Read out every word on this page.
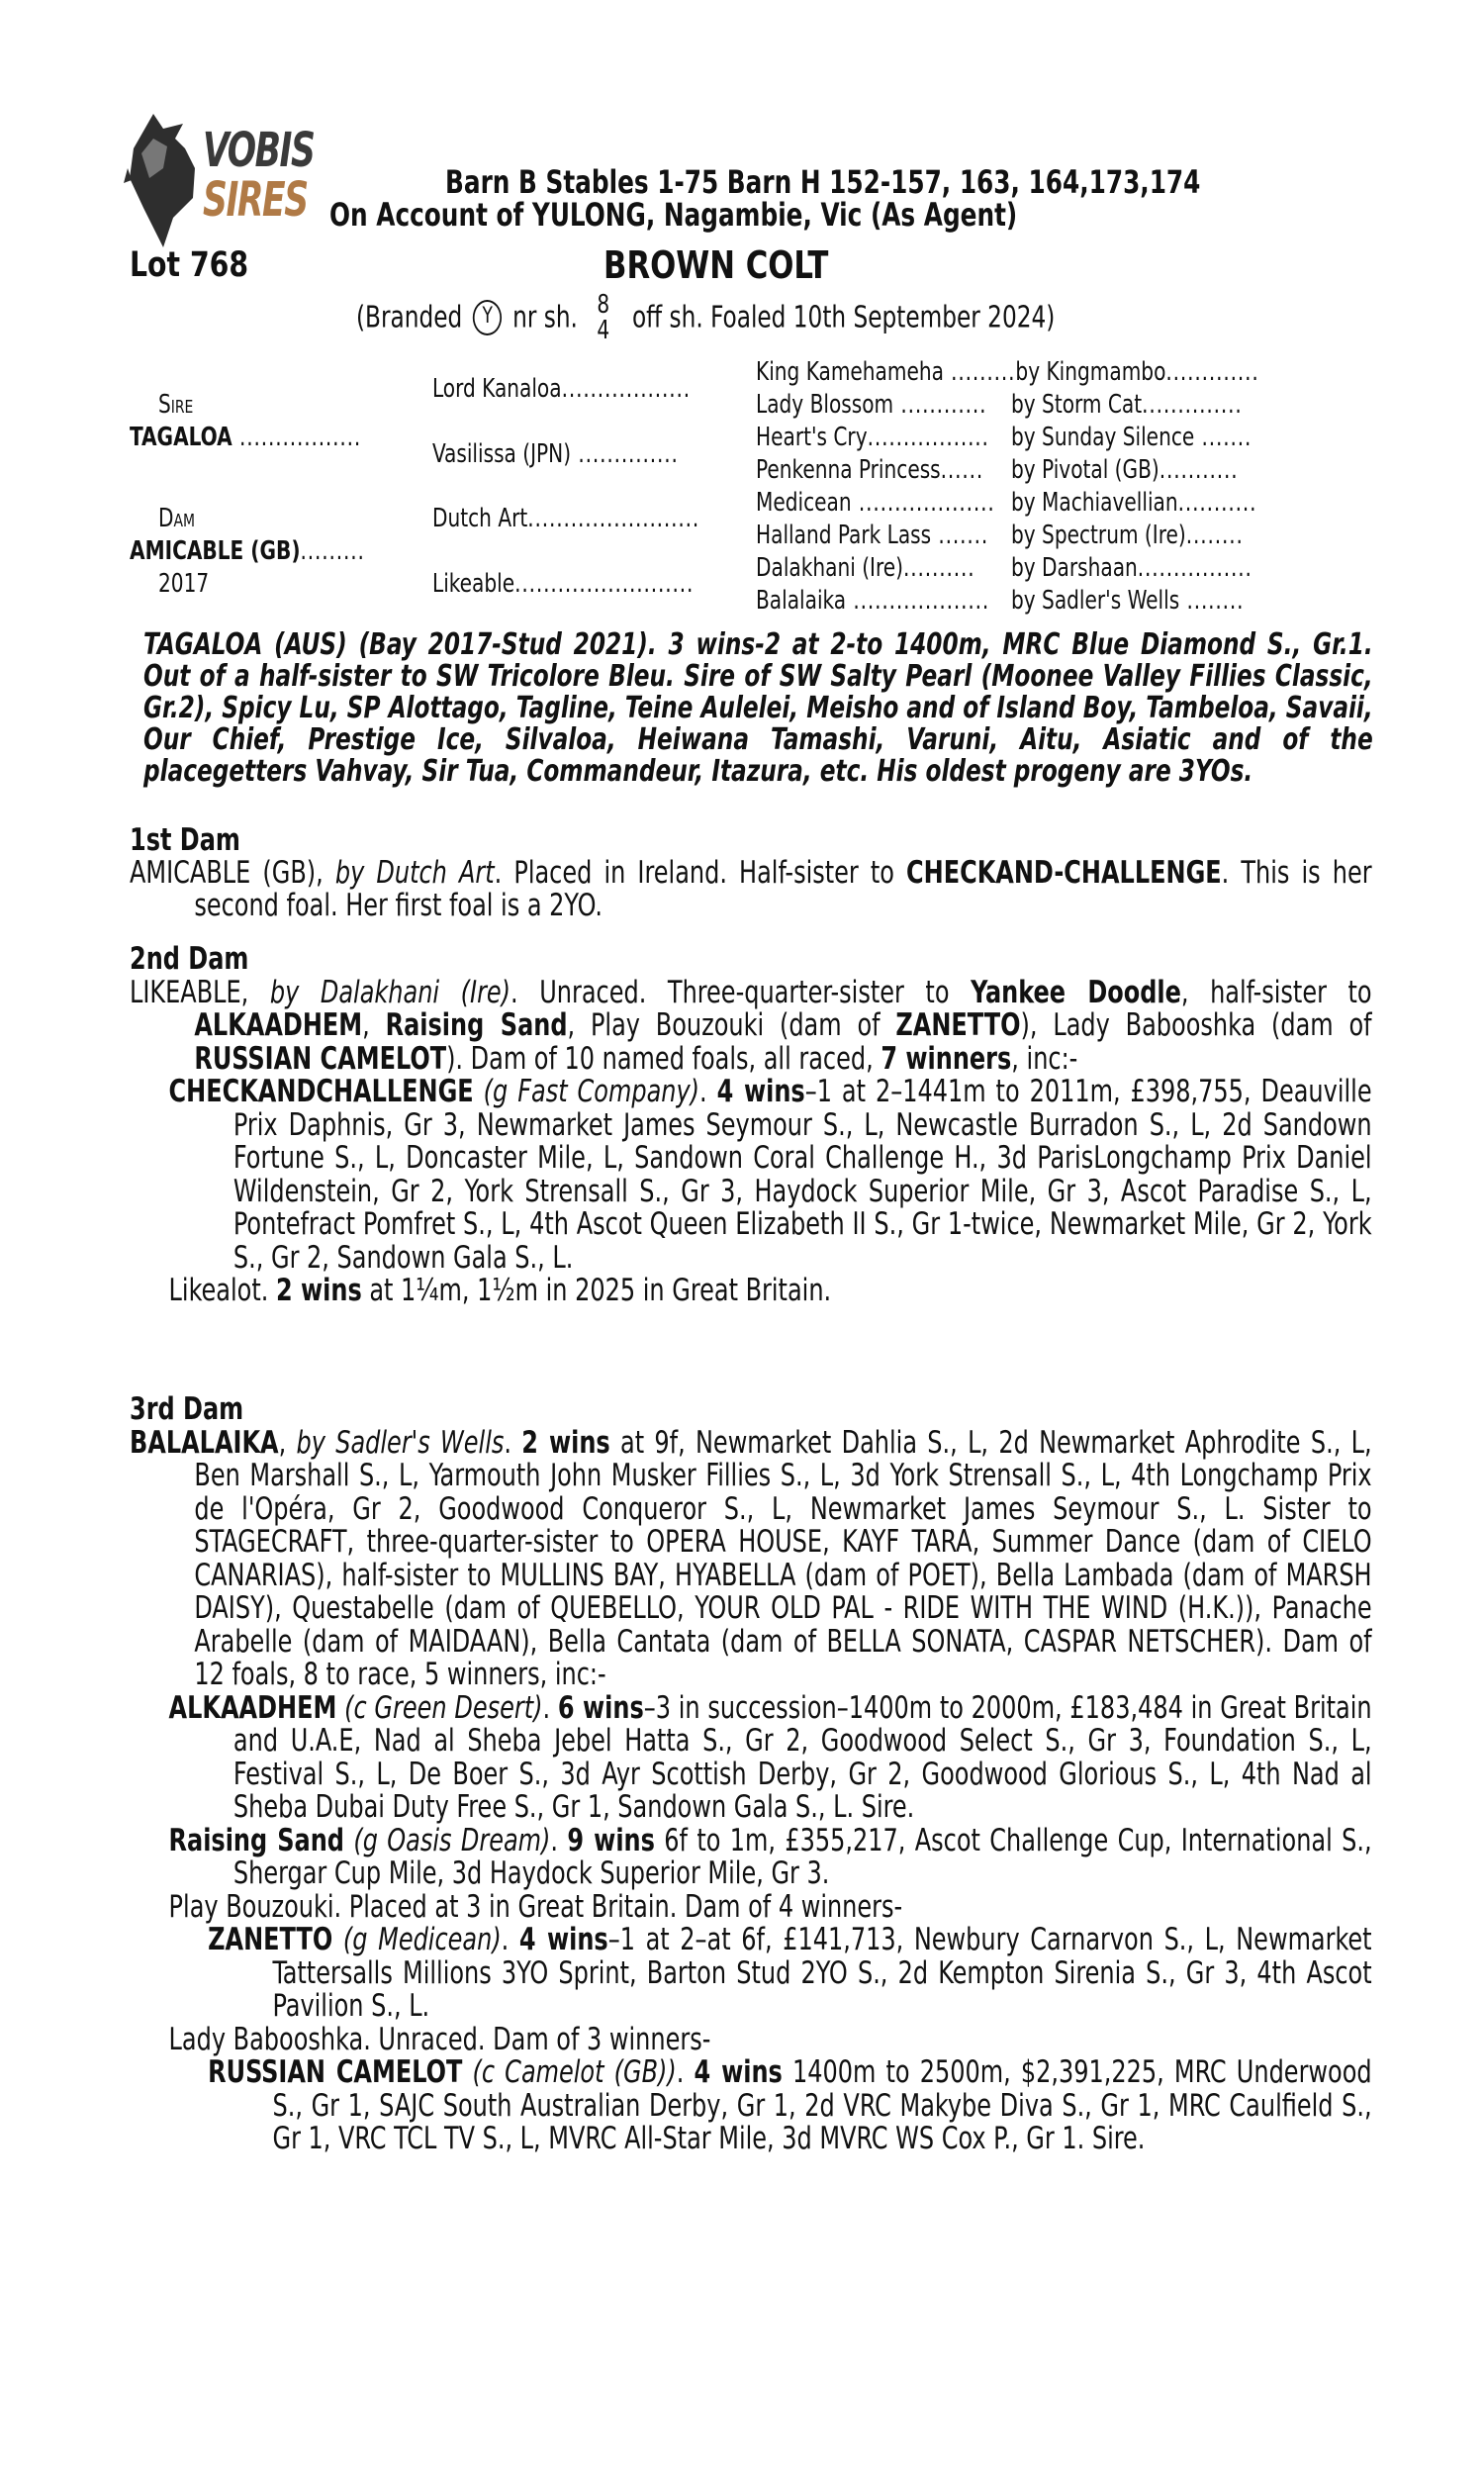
VOBIS
SIRES	Barn B Stables 1-75 Barn H 152-157, 163, 164,173,174
On Account of YULONG, Nagambie, Vic (As Agent)
Lot 768	BROWN COLT
(Branded Y nr sh. 8
4 off sh. Foaled 10th September 2024)
Sire
TAGALOA .................
Dam
AMICABLE (GB).........
2017
Lord Kanaloa..................
Vasilissa (JPN) ..............
Dutch Art........................
Likeable.........................
King Kamehameha .........by Kingmambo.............
Lady Blossom ............ by Storm Cat..............
Heart's Cry................. by Sunday Silence .......
Penkenna Princess...... by Pivotal (GB)...........
Medicean ................... by Machiavellian...........
Halland Park Lass ....... by Spectrum (Ire)........
Dalakhani (Ire).......... by Darshaan................
Balalaika ................... by Sadler's Wells ........

TAGALOA (AUS) (Bay 2017-Stud 2021). 3 wins-2 at 2-to 1400m, MRC Blue Diamond S., Gr.1. Out of a half-sister to SW Tricolore Bleu. Sire of SW Salty Pearl (Moonee Valley Fillies Classic, Gr.2), Spicy Lu, SP Alottago, Tagline, Teine Aulelei, Meisho and of Island Boy, Tambeloa, Savaii, Our Chief, Prestige Ice, Silvaloa, Heiwana Tamashi, Varuni, Aitu, Asiatic and of the placegetters Vahvay, Sir Tua, Commandeur, Itazura, etc. His oldest progeny are 3YOs.

1st Dam

AMICABLE (GB), by Dutch Art. Placed in Ireland. Half-sister to CHECKAND-CHALLENGE. This is her second foal. Her first foal is a 2YO.

2nd Dam

LIKEABLE, by Dalakhani (Ire). Unraced. Three-quarter-sister to Yankee Doodle, half-sister to ALKAADHEM, Raising Sand, Play Bouzouki (dam of ZANETTO), Lady Babooshka (dam of RUSSIAN CAMELOT). Dam of 10 named foals, all raced, 7 winners, inc:-

CHECKANDCHALLENGE (g Fast Company). 4 wins–1 at 2–1441m to 2011m, £398,755, Deauville Prix Daphnis, Gr 3, Newmarket James Seymour S., L, Newcastle Burradon S., L, 2d Sandown Fortune S., L, Doncaster Mile, L, Sandown Coral Challenge H., 3d ParisLongchamp Prix Daniel Wildenstein, Gr 2, York Strensall S., Gr 3, Haydock Superior Mile, Gr 3, Ascot Paradise S., L, Pontefract Pomfret S., L, 4th Ascot Queen Elizabeth II S., Gr 1-twice, Newmarket Mile, Gr 2, York S., Gr 2, Sandown Gala S., L.

Likealot. 2 wins at 1¼m, 1½m in 2025 in Great Britain.

3rd Dam

BALALAIKA, by Sadler's Wells. 2 wins at 9f, Newmarket Dahlia S., L, 2d Newmarket Aphrodite S., L, Ben Marshall S., L, Yarmouth John Musker Fillies S., L, 3d York Strensall S., L, 4th Longchamp Prix de l'Opéra, Gr 2, Goodwood Conqueror S., L, Newmarket James Seymour S., L. Sister to STAGECRAFT, three-quarter-sister to OPERA HOUSE, KAYF TARA, Summer Dance (dam of CIELO CANARIAS), half-sister to MULLINS BAY, HYABELLA (dam of POET), Bella Lambada (dam of MARSH DAISY), Questabelle (dam of QUEBELLO, YOUR OLD PAL - RIDE WITH THE WIND (H.K.)), Panache Arabelle (dam of MAIDAAN), Bella Cantata (dam of BELLA SONATA, CASPAR NETSCHER). Dam of 12 foals, 8 to race, 5 winners, inc:-

ALKAADHEM (c Green Desert). 6 wins–3 in succession–1400m to 2000m, £183,484 in Great Britain and U.A.E, Nad al Sheba Jebel Hatta S., Gr 2, Goodwood Select S., Gr 3, Foundation S., L, Festival S., L, De Boer S., 3d Ayr Scottish Derby, Gr 2, Goodwood Glorious S., L, 4th Nad al Sheba Dubai Duty Free S., Gr 1, Sandown Gala S., L. Sire.

Raising Sand (g Oasis Dream). 9 wins 6f to 1m, £355,217, Ascot Challenge Cup, International S., Shergar Cup Mile, 3d Haydock Superior Mile, Gr 3.

Play Bouzouki. Placed at 3 in Great Britain. Dam of 4 winners-

ZANETTO (g Medicean). 4 wins–1 at 2–at 6f, £141,713, Newbury Carnarvon S., L, Newmarket Tattersalls Millions 3YO Sprint, Barton Stud 2YO S., 2d Kempton Sirenia S., Gr 3, 4th Ascot Pavilion S., L.

Lady Babooshka. Unraced. Dam of 3 winners-

RUSSIAN CAMELOT (c Camelot (GB)). 4 wins 1400m to 2500m, $2,391,225, MRC Underwood S., Gr 1, SAJC South Australian Derby, Gr 1, 2d VRC Makybe Diva S., Gr 1, MRC Caulfield S., Gr 1, VRC TCL TV S., L, MVRC All-Star Mile, 3d MVRC WS Cox P., Gr 1. Sire.
